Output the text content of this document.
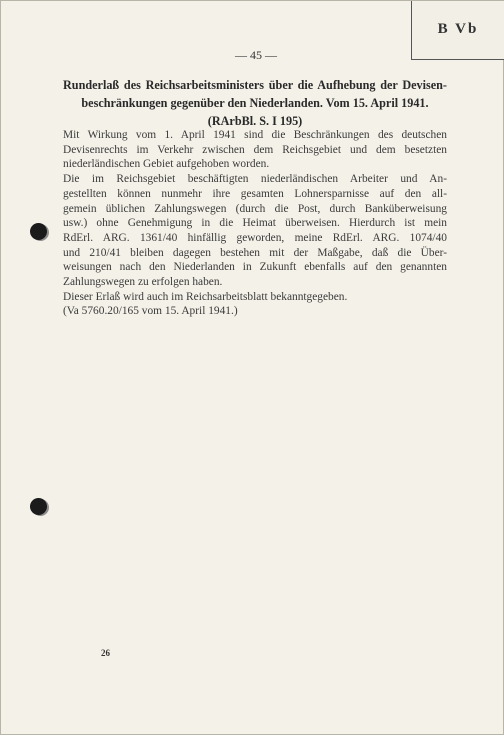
B Vb
— 45 —
Runderlaß des Reichsarbeitsministers über die Aufhebung der Devisen-
beschränkungen gegenüber den Niederlanden. Vom 15. April 1941.
(RArbBl. S. I 195)
Mit Wirkung vom 1. April 1941 sind die Beschränkungen des deutschen
Devisenrechts im Verkehr zwischen dem Reichsgebiet und dem besetzten
niederländischen Gebiet aufgehoben worden.
Die im Reichsgebiet beschäftigten niederländischen Arbeiter und An-
gestellten können nunmehr ihre gesamten Lohnersparnisse auf den all-
gemein üblichen Zahlungswegen (durch die Post, durch Banküberweisung
usw.) ohne Genehmigung in die Heimat überweisen. Hierdurch ist mein
RdErl. ARG. 1361/40 hinfällig geworden, meine RdErl. ARG. 1074/40
und 210/41 bleiben dagegen bestehen mit der Maßgabe, daß die Über-
weisungen nach den Niederlanden in Zukunft ebenfalls auf den genannten
Zahlungswegen zu erfolgen haben.
Dieser Erlaß wird auch im Reichsarbeitsblatt bekanntgegeben.
(Va 5760.20/165 vom 15. April 1941.)
26
